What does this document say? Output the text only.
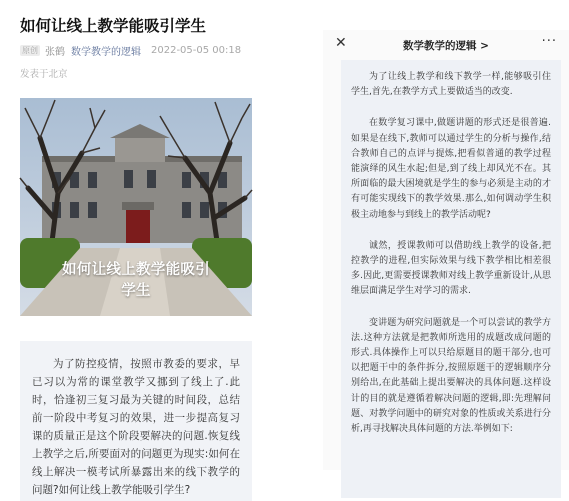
如何让线上教学能吸引学生
原创 张鹤 数学教学的逻辑 2022-05-05 00:18
发表于北京
如何让线上教学能吸引学生

为了防控疫情，按照市教委的要求，早已习以为常的课堂教学又挪到了线上了.此时，恰逢初三复习最为关键的时间段，总结前一阶段中考复习的效果，进一步提高复习课的质量正是这个阶段要解决的问题.恢复线上教学之后,所要面对的问题更为现实:如何在线上解决一模考试所暴露出来的线下教学的问题?如何让线上教学能吸引学生?

✕	数学教学的逻辑 >	···

为了让线上教学和线下教学一样,能够吸引住学生,首先,在教学方式上要做适当的改变.

在数学复习课中,做题讲题的形式还是很普遍.如果是在线下,教师可以通过学生的分析与操作,结合教师自己的点评与提炼,把看似普通的教学过程能演绎的风生水起;但是,到了线上却风光不在。其所面临的最大困境就是学生的参与必须是主动的才有可能实现线下的教学效果.那么,如何调动学生积极主动地参与到线上的教学活动呢?

诚然，授课教师可以借助线上教学的设备,把控教学的进程,但实际效果与线下教学相比相差很多.因此,更需要授课教师对线上教学重新设计,从思维层面满足学生对学习的需求.

变讲题为研究问题就是一个可以尝试的教学方法.这种方法就是把教师所选用的成题改成问题的形式.具体操作上可以只给原题目的题干部分,也可以把题干中的条件拆分,按照原题干的逻辑顺序分别给出,在此基础上提出要解决的具体问题.这样设计的目的就是遵循着解决问题的逻辑,即:先理解问题、对教学问题中的研究对象的性质或关系进行分析,再寻找解决具体问题的方法.举例如下:
